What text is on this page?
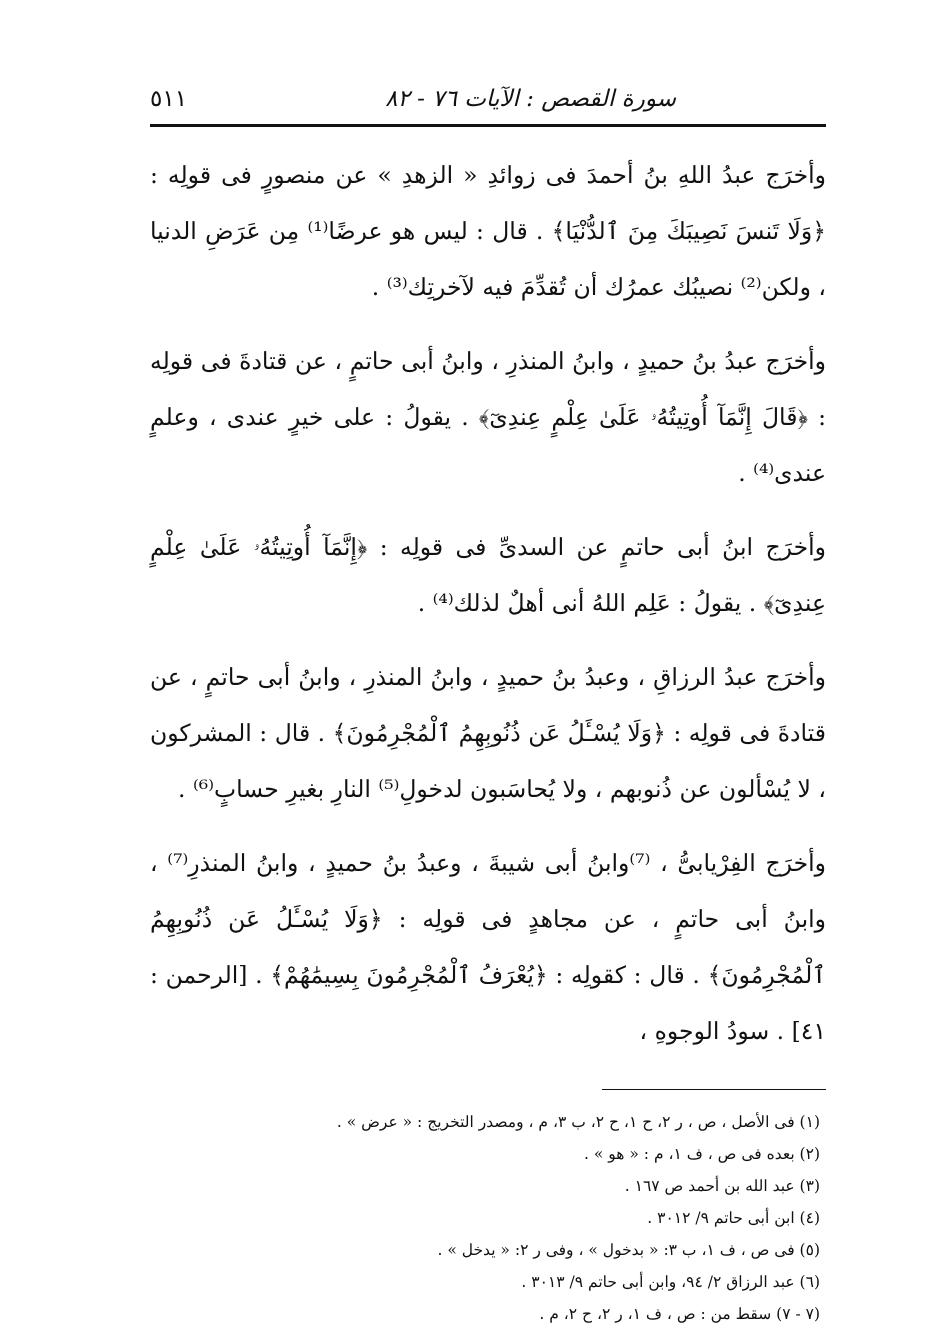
سورة القصص : الآيات ٧٦ - ٨٢
٥١١

وأخرَج عبدُ اللهِ بنُ أحمدَ فى زوائدِ « الزهدِ » عن منصورٍ فى قولِه : ﴿وَلَا تَنسَ نَصِيبَكَ مِنَ ٱلدُّنْيَا﴾ . قال : ليس هو عرضًا⁽¹⁾ مِن عَرَضِ الدنيا ، ولكن⁽²⁾ نصيبُك عمرُك أن تُقدِّمَ فيه لآخرتِك⁽³⁾ .

وأخرَج عبدُ بنُ حميدٍ ، وابنُ المنذرِ ، وابنُ أبى حاتمٍ ، عن قتادةَ فى قولِه : ﴿قَالَ إِنَّمَآ أُوتِيتُهُۥ عَلَىٰ عِلْمٍ عِندِىٓ﴾ . يقولُ : على خيرٍ عندى ، وعلمٍ عندى⁽⁴⁾ .

وأخرَج ابنُ أبى حاتمٍ عن السدىِّ فى قولِه : ﴿إِنَّمَآ أُوتِيتُهُۥ عَلَىٰ عِلْمٍ عِندِىٓ﴾ . يقولُ : عَلِم اللهُ أنى أهلٌ لذلك⁽⁴⁾ .

وأخرَج عبدُ الرزاقِ ، وعبدُ بنُ حميدٍ ، وابنُ المنذرِ ، وابنُ أبى حاتمٍ ، عن قتادةَ فى قولِه : ﴿وَلَا يُسْـَٔلُ عَن ذُنُوبِهِمُ ٱلْمُجْرِمُونَ﴾ . قال : المشركون ، لا يُسْألون عن ذُنوبهم ، ولا يُحاسَبون لدخولِ⁽⁵⁾ النارِ بغيرِ حسابٍ⁽⁶⁾ .

وأخرَج الفِرْيابىُّ ، ⁽⁷⁾وابنُ أبى شيبةَ ، وعبدُ بنُ حميدٍ ، وابنُ المنذرِ⁽⁷⁾ ، وابنُ أبى حاتمٍ ، عن مجاهدٍ فى قولِه : ﴿وَلَا يُسْـَٔلُ عَن ذُنُوبِهِمُ ٱلْمُجْرِمُونَ﴾ . قال : كقولِه : ﴿يُعْرَفُ ٱلْمُجْرِمُونَ بِسِيمَٰهُمْ﴾ . [الرحمن : ٤١] . سودُ الوجوهِ ،

(١) فى الأصل ، ص ، ر ٢، ح ١، ح ٢، ب ٣، م ، ومصدر التخريج : « عرض » .
(٢) بعده فى ص ، ف ١، م : « هو » .
(٣) عبد الله بن أحمد ص ١٦٧ .
(٤) ابن أبى حاتم ٩/ ٣٠١٢ .
(٥) فى ص ، ف ١، ب ٣: « بدخول » ، وفى ر ٢: « يدخل » .
(٦) عبد الرزاق ٢/ ٩٤، وابن أبى حاتم ٩/ ٣٠١٣ .
(٧ - ٧) سقط من : ص ، ف ١، ر ٢، ح ٢، م .
